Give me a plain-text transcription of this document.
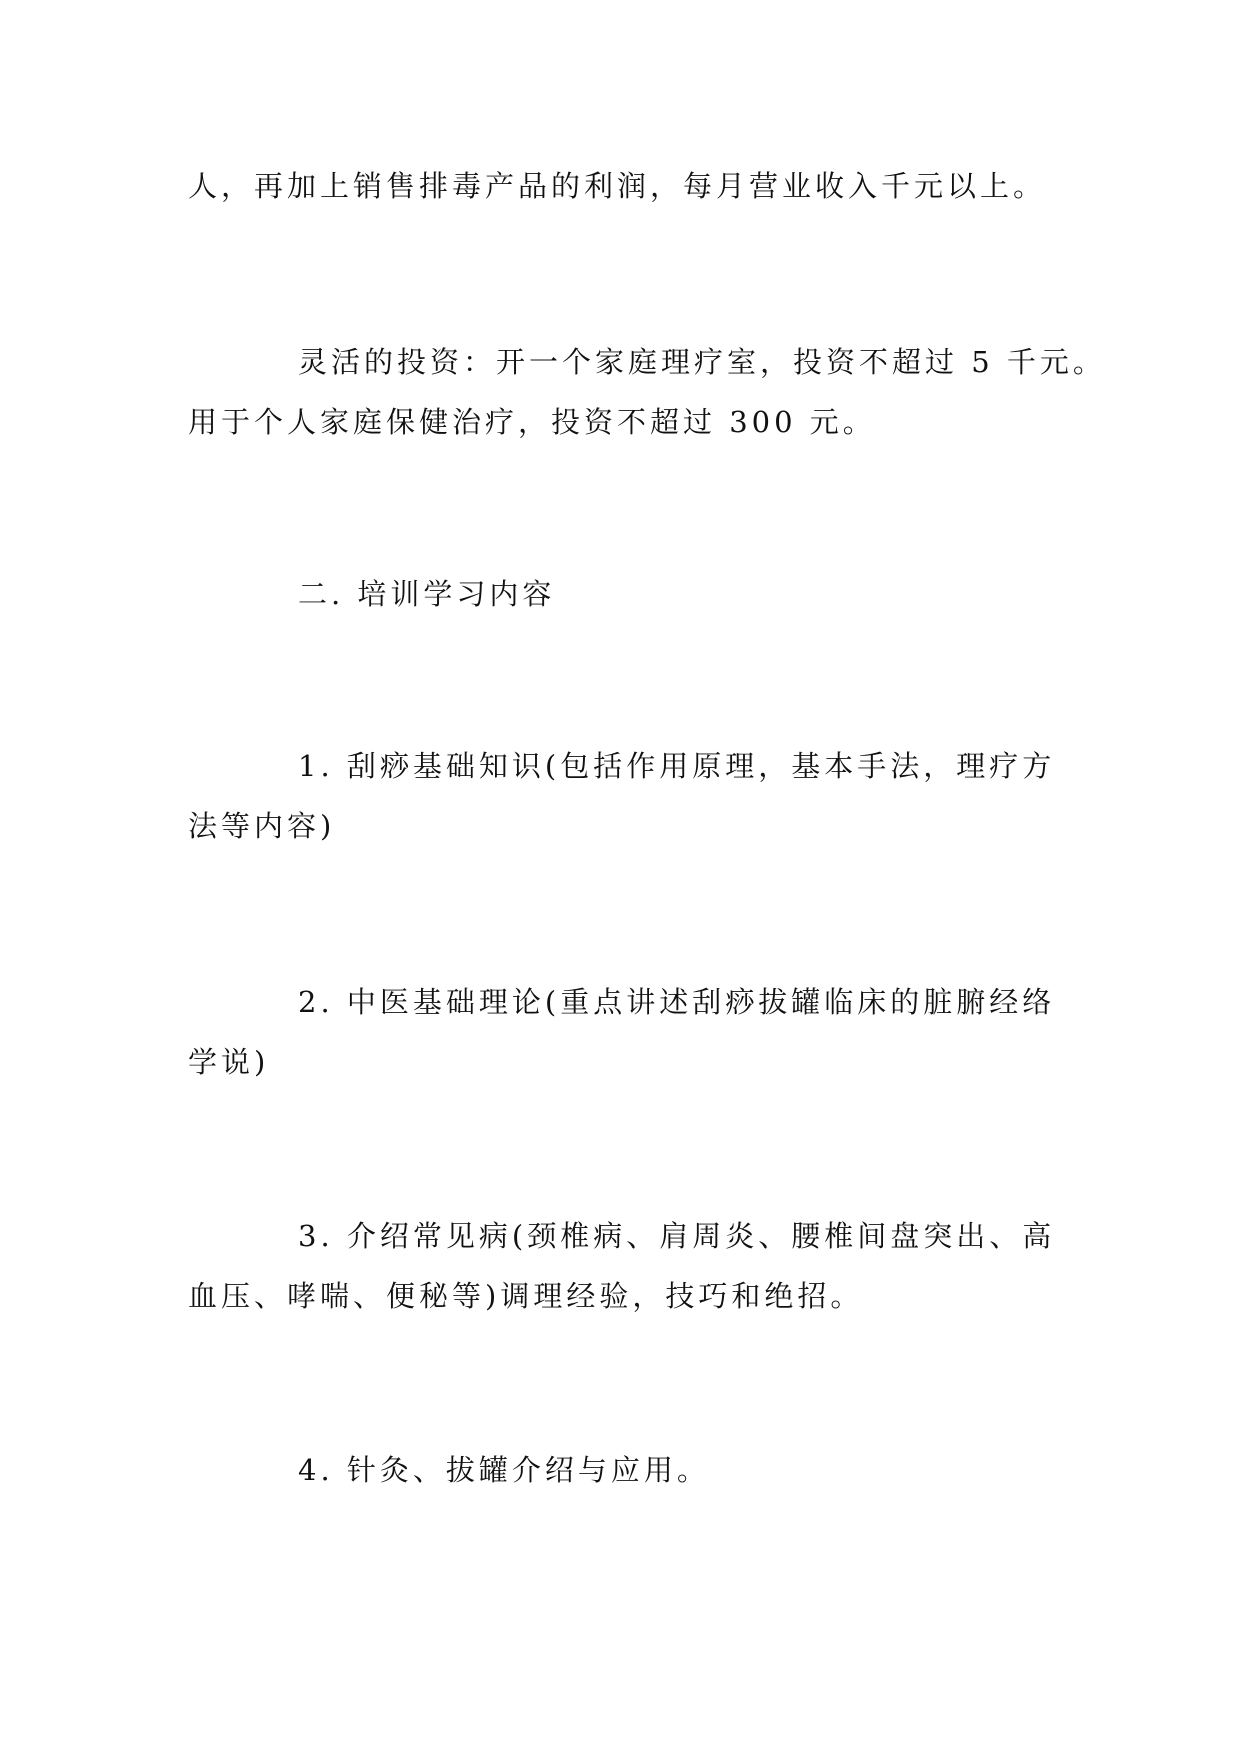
人，再加上销售排毒产品的利润，每月营业收入千元以上。
灵活的投资：开一个家庭理疗室，投资不超过 5 千元。
用于个人家庭保健治疗，投资不超过 300 元。
二. 培训学习内容
1. 刮痧基础知识(包括作用原理，基本手法，理疗方
法等内容)
2. 中医基础理论(重点讲述刮痧拔罐临床的脏腑经络
学说)
3. 介绍常见病(颈椎病、肩周炎、腰椎间盘突出、高
血压、哮喘、便秘等)调理经验，技巧和绝招。
4. 针灸、拔罐介绍与应用。
